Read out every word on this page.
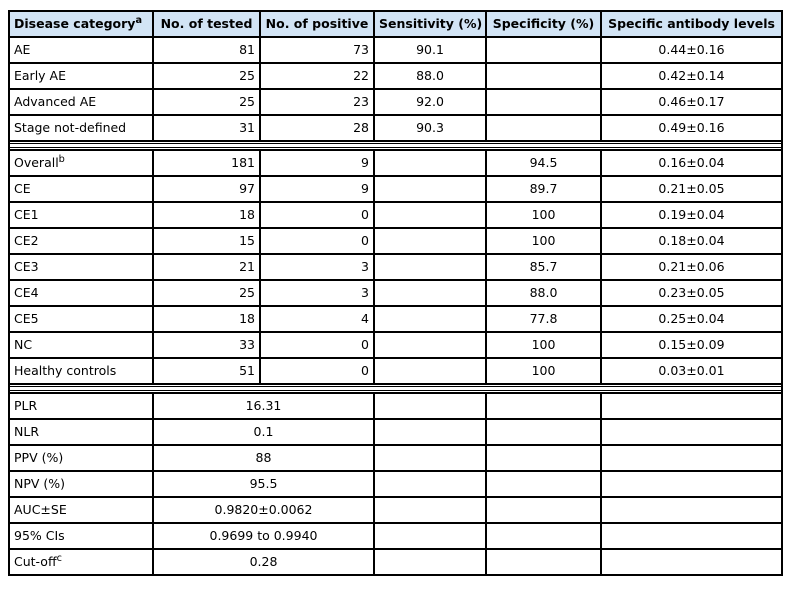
Disease category$^a$	No. of tested	No. of positive	Sensitivity (%)	Specificity (%)	Specific antibody levels
AE	81	73	90.1		0.44±0.16
Early AE	25	22	88.0		0.42±0.14
Advanced AE	25	23	92.0		0.46±0.17
Stage not-defined	31	28	90.3		0.49±0.16

Overall$^b$	181	9		94.5	0.16±0.04
CE	97	9		89.7	0.21±0.05
CE1	18	0		100	0.19±0.04
CE2	15	0		100	0.18±0.04
CE3	21	3		85.7	0.21±0.06
CE4	25	3		88.0	0.23±0.05
CE5	18	4		77.8	0.25±0.04
NC	33	0		100	0.15±0.09
Healthy controls	51	0		100	0.03±0.01

PLR	16.31				
NLR	0.1				
PPV (%)	88				
NPV (%)	95.5				
AUC±SE	0.9820±0.0062				
95% CIs	0.9699 to 0.9940				
Cut-off$^c$	0.28				
